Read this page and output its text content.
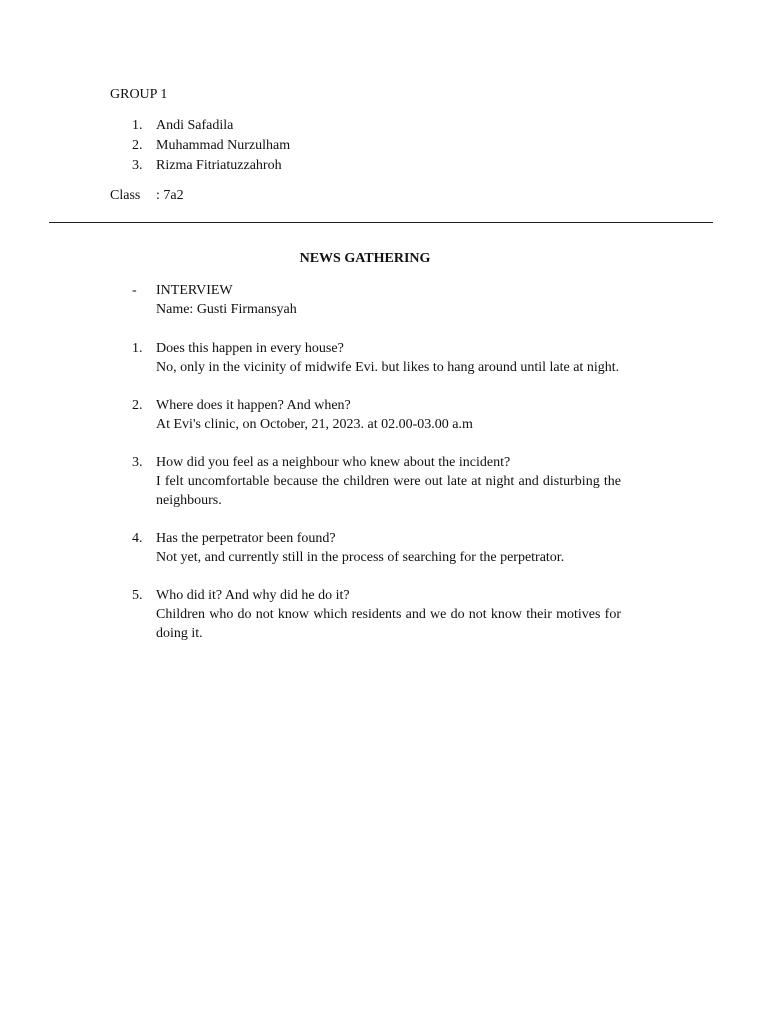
GROUP 1
1. Andi Safadila
2. Muhammad Nurzulham
3. Rizma Fitriatuzzahroh
Class : 7a2
NEWS GATHERING
-	INTERVIEW
Name: Gusti Firmansyah
1. Does this happen in every house?
No, only in the vicinity of midwife Evi. but likes to hang around until late at night.
2. Where does it happen? And when?
At Evi's clinic, on October, 21, 2023. at 02.00-03.00 a.m
3. How did you feel as a neighbour who knew about the incident?
I felt uncomfortable because the children were out late at night and disturbing the neighbours.
4. Has the perpetrator been found?
Not yet, and currently still in the process of searching for the perpetrator.
5. Who did it? And why did he do it?
Children who do not know which residents and we do not know their motives for doing it.
